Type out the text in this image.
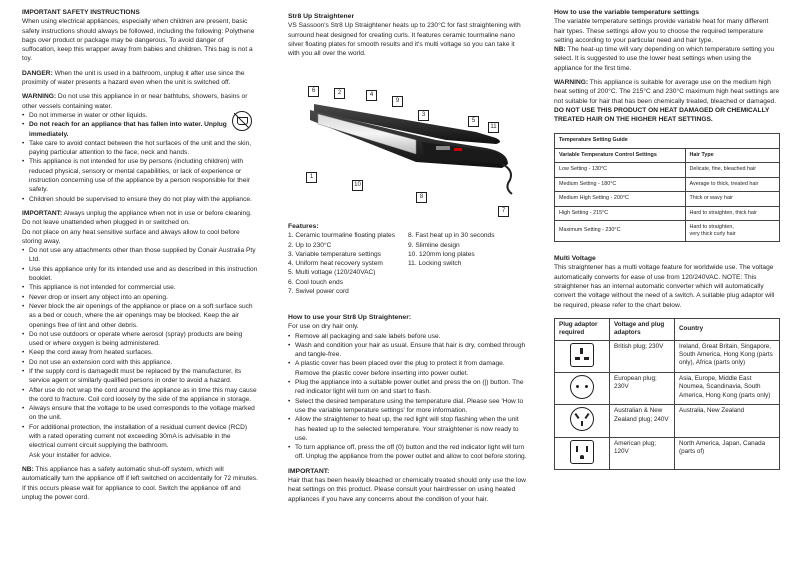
IMPORTANT SAFETY INSTRUCTIONS

When using electrical appliances, especially when children are present, basic safety instructions should always be followed, including the following: Polythene bags over product or package may be dangerous. To avoid danger of suffocation, keep this wrapper away from babies and children. This bag is not a toy.

DANGER: When the unit is used in a bathroom, unplug it after use since the proximity of water presents a hazard even when the unit is switched off.

WARNING: Do not use this appliance in or near bathtubs, showers, basins or other vessels containing water.

• Do not immerse in water or other liquids.
• Do not reach for an appliance that has fallen into water. Unplug immediately.
• Take care to avoid contact between the hot surfaces of the unit and the skin, paying particular attention to the face, neck and hands.
• This appliance is not intended for use by persons (including children) with reduced physical, sensory or mental capabilities, or lack of experience or instruction concerning use of the appliance by a person responsible for their safety.
• Children should be supervised to ensure they do not play with the appliance.

IMPORTANT: Always unplug the appliance when not in use or before cleaning.

Do not leave unattended when plugged in or switched on.
Do not place on any heat sensitive surface and always allow to cool before storing away.
• Do not use any attachments other than those supplied by Conair Australia Pty Ltd.
• Use this appliance only for its intended use and as described in this instruction booklet.
• This appliance is not intended for commercial use.
• Never drop or insert any object into an opening.
• Never block the air openings of the appliance or place on a soft surface such as a bed or couch, where the air openings may be blocked. Keep the air openings free of lint and other debris.
• Do not use outdoors or operate where aerosol (spray) products are being used or where oxygen is being administered.
• Keep the cord away from heated surfaces.
• Do not use an extension cord with this appliance.
• If the supply cord is damagedit must be replaced by the manufacturer, its service agent or similarly qualified persons in order to avoid a hazard.
• After use do not wrap the cord around the appliance as in time this may cause the cord to fracture. Coil cord loosely by the side of the appliance in storage.
• Always ensure that the voltage to be used corresponds to the voltage marked on the unit.
• For additional protection, the installation of a residual current device (RCD) with a rated operating current not exceeding 30mA is advisable in the electrical current circuit supplying the bathroom.
Ask your installer for advice.

NB: This appliance has a safety automatic shut-off system, which will automatically turn the appliance off if left switched on accidentally for 72 minutes. If this occurs please wait for appliance to cool. Switch the appliance off and unplug the power cord.

Str8 Up Straightener

VS Sassoon's Str8 Up Straightener heats up to 230°C for fast straightening with surround heat designed for creating curls. It features ceramic tourmaline nano silver floating plates for smooth results and it's multi voltage so you can take it with you all over the world.

6	2	4
9
3
5
11
1
10
8
7
Features:
1. Ceramic tourmaline floating plates
2. Up to 230°C
3. Variable temperature settings
4. Uniform heat recovery system
5. Multi voltage (120/240VAC)
6. Cool touch ends
7. Swivel power cord
8. Fast heat up in 30 seconds
9. Slimline design
10. 120mm long plates
11. Locking switch
How to use your Str8 Up Straightener:
For use on dry hair only.
• Remove all packaging and sale labels before use.
• Wash and condition your hair as usual. Ensure that hair is dry, combed through and tangle-free.
• A plastic cover has been placed over the plug to protect it from damage. Remove the plastic cover before inserting into power outlet.
• Plug the appliance into a suitable power outlet and press the on (|) button. The red indicator light will turn on and start to flash.
• Select the desired temperature using the temperature dial. Please see 'How to use the variable temperature settings' for more information.
• Allow the straightener to heat up, the red light will stop flashing when the unit has heated up to the selected temperature. Your straightener is now ready to use.
• To turn appliance off, press the off (0) button and the red indicator light will turn off. Unplug the appliance from the power outlet and allow to cool before storing.
IMPORTANT:
Hair that has been heavily bleached or chemically treated should only use the low heat settings on this product. Please consult your hairdresser on using heated appliances if you have any concerns about the condition of your hair.
How to use the variable temperature settings

The variable temperature settings provide variable heat for many different hair types. These settings allow you to choose the required temperature setting according to your particular need and hair type.

NB: The heat-up time will vary depending on which temperature setting you select. It is suggested to use the lower heat settings when using the appliance for the first time.

WARNING: This appliance is suitable for average use on the medium high heat setting of 200°C. The 215°C and 230°C maximum high heat settings are not suitable for hair that has been chemically treated, bleached or damaged.

DO NOT USE THIS PRODUCT ON HEAT DAMAGED OR CHEMICALLY TREATED HAIR ON THE HIGHER HEAT SETTINGS.

Temperature Setting Guide	
Variable Temperature Control Settings	Hair Type
Low Setting - 130°C	Delicate, fine, bleached hair
Medium Setting - 180°C	Average to thick, treated hair
Medium High Setting - 200°C	Thick or wavy hair
High Setting - 215°C	Hard to straighten, thick hair
Maximum Setting - 230°C	Hard to straighten,
very thick curly hair
Multi Voltage

This straightener has a multi voltage feature for worldwide use. The voltage automatically converts for ease of use from 120/240VAC. NOTE: This straightener has an internal automatic converter which will automatically convert the voltage without the need of a switch. A suitable plug adaptor will be required, please refer to the chart below.

Plug adaptor required	Voltage and plug adaptors	Country

	British plug; 230V	Ireland, Great Britain, Singapore, South America, Hong Kong (parts only), Africa (parts only)

	European plug; 230V	Asia, Europe, Middle East Noumea, Scandinavia, South America, Hong Kong (parts only)

	Australian & New Zealand plug; 240V	Australia, New Zealand

	American plug; 120V	North America, Japan, Canada (parts of)
